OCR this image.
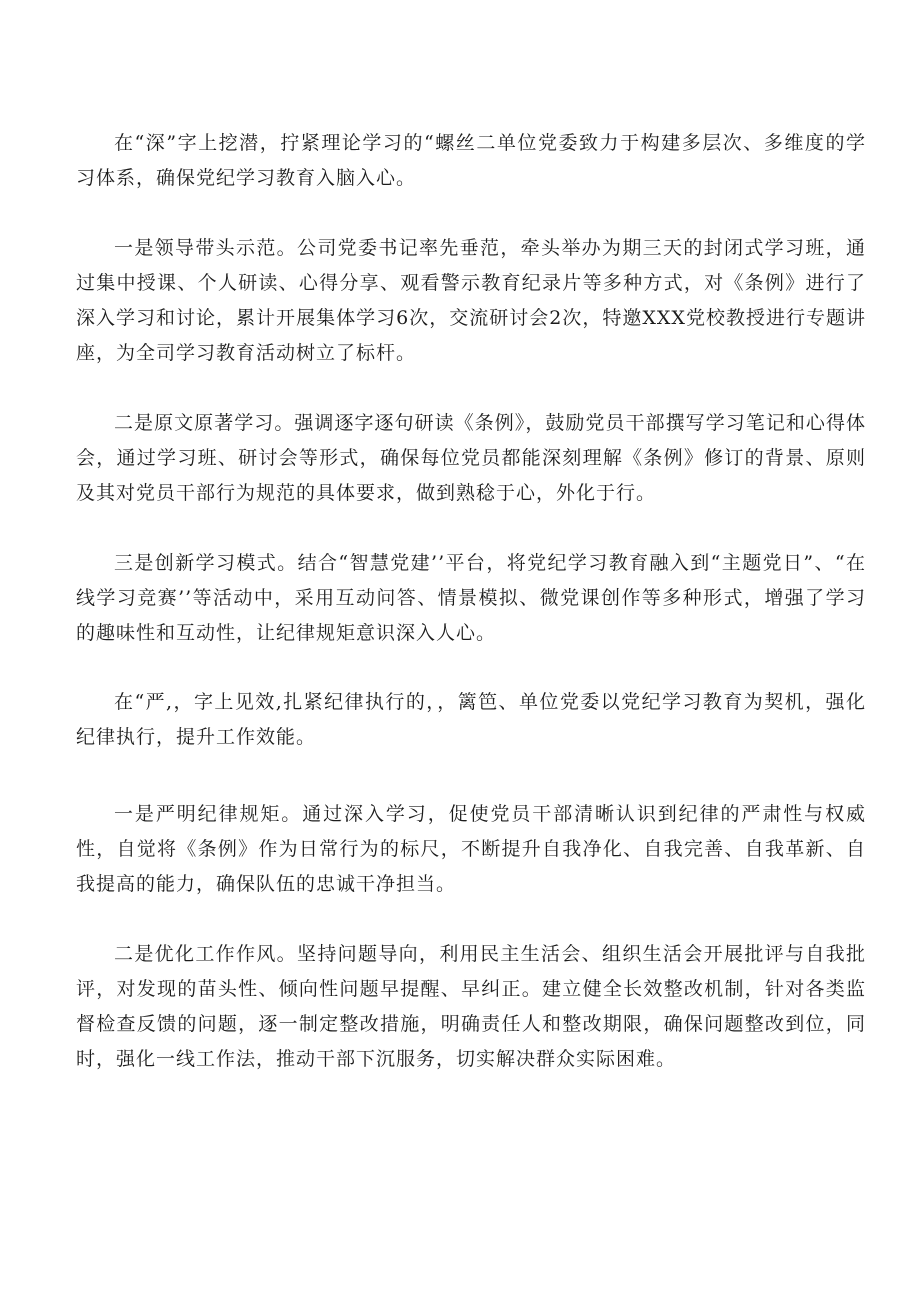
在“深”字上挖潜，拧紧理论学习的“螺丝二单位党委致力于构建多层次、多维度的学习体系，确保党纪学习教育入脑入心。

一是领导带头示范。公司党委书记率先垂范，牵头举办为期三天的封闭式学习班，通过集中授课、个人研读、心得分享、观看警示教育纪录片等多种方式，对《条例》进行了深入学习和讨论，累计开展集体学习6次，交流研讨会2次，特邀XXX党校教授进行专题讲座，为全司学习教育活动树立了标杆。

二是原文原著学习。强调逐字逐句研读《条例》，鼓励党员干部撰写学习笔记和心得体会，通过学习班、研讨会等形式，确保每位党员都能深刻理解《条例》修订的背景、原则及其对党员干部行为规范的具体要求，做到熟稔于心，外化于行。

三是创新学习模式。结合“智慧党建’’平台，将党纪学习教育融入到“主题党日”、“在线学习竞赛’’等活动中，采用互动问答、情景模拟、微党课创作等多种形式，增强了学习的趣味性和互动性，让纪律规矩意识深入人心。

在“严,，字上见效,扎紧纪律执行的，，篱笆、单位党委以党纪学习教育为契机，强化纪律执行，提升工作效能。

一是严明纪律规矩。通过深入学习，促使党员干部清晰认识到纪律的严肃性与权威性，自觉将《条例》作为日常行为的标尺，不断提升自我净化、自我完善、自我革新、自我提高的能力，确保队伍的忠诚干净担当。

二是优化工作作风。坚持问题导向，利用民主生活会、组织生活会开展批评与自我批评，对发现的苗头性、倾向性问题早提醒、早纠正。建立健全长效整改机制，针对各类监督检查反馈的问题，逐一制定整改措施，明确责任人和整改期限，确保问题整改到位，同时，强化一线工作法，推动干部下沉服务，切实解决群众实际困难。
